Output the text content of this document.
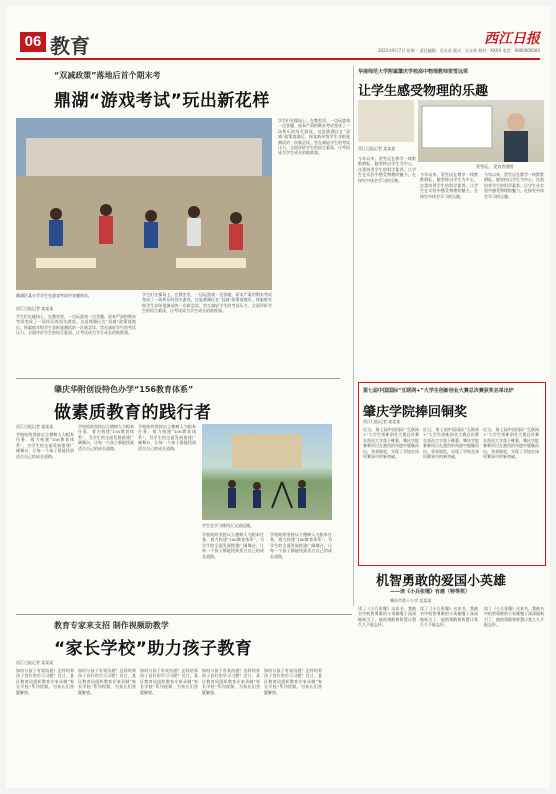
06 教育	西江日报
2022年9月7日 星期一 责任编辑：吴永英 版式：吴永英 校对：XXXX 电话：0000000000
“双减政策”落地后首个期末考
鼎湖“游戏考试”玩出新花样
鼎湖区某小学学生在游戏考试中答题闯关。
西江日报记者 某某某
学生们在操场上、在教室里，一边玩游戏一边答题，原本严肃的期末考试变成了一场快乐的闯关游戏。这是鼎湖区在“双减”政策落地后，探索低年级学生非纸笔测试的一次新尝试，旨在减轻学生的考试压力，全面评价学生的综合素质，让考试成为学生成长的助推器。
学生们在操场上、在教室里，一边玩游戏一边答题，原本严肃的期末考试变成了一场快乐的闯关游戏。这是鼎湖区在“双减”政策落地后，探索低年级学生非纸笔测试的一次新尝试，旨在减轻学生的考试压力，全面评价学生的综合素质，让考试成为学生成长的助推器。
学生们在操场上、在教室里，一边玩游戏一边答题，原本严肃的期末考试变成了一场快乐的闯关游戏。这是鼎湖区在“双减”政策落地后，探索低年级学生非纸笔测试的一次新尝试，旨在减轻学生的考试压力，全面评价学生的综合素质，让考试成为学生成长的助推器。
华南师范大学附属肇庆学校高中物理教师贺雪远荣
让学生感受物理的乐趣
西江日报记者 某某某
贺雪远。 受访者供图
今年以来，贺雪远在教学一线默默耕耘，她坚持以学生为中心，注重培养学生的科学素养，让学生在实验中感受物理的魅力，在探究中体会学习的乐趣。
今年以来，贺雪远在教学一线默默耕耘，她坚持以学生为中心，注重培养学生的科学素养，让学生在实验中感受物理的魅力，在探究中体会学习的乐趣。
今年以来，贺雪远在教学一线默默耕耘，她坚持以学生为中心，注重培养学生的科学素养，让学生在实验中感受物理的魅力，在探究中体会学习的乐趣。
肇庆华附创设特色办学“156教育体系”
做素质教育的践行者
西江日报记者 某某某
学校始终坚持以立德树人为根本任务，着力构建“156教育体系”，为学生的全面发展搭建广阔舞台，让每一个孩子都能找到适合自己的成长道路。
学校始终坚持以立德树人为根本任务，着力构建“156教育体系”，为学生的全面发展搭建广阔舞台，让每一个孩子都能找到适合自己的成长道路。
学校始终坚持以立德树人为根本任务，着力构建“156教育体系”，为学生的全面发展搭建广阔舞台，让每一个孩子都能找到适合自己的成长道路。
学生在学习使用天文望远镜。
学校始终坚持以立德树人为根本任务，着力构建“156教育体系”，为学生的全面发展搭建广阔舞台，让每一个孩子都能找到适合自己的成长道路。
学校始终坚持以立德树人为根本任务，着力构建“156教育体系”，为学生的全面发展搭建广阔舞台，让每一个孩子都能找到适合自己的成长道路。
第七届中国国际“互联网+”大学生创新创业大赛总决赛获奖名单出炉
肇庆学院捧回铜奖
西江日报记者 某某某
近日，第七届中国国际“互联网+”大学生创新创业大赛总决赛在南昌大学落下帷幕，肇庆学院参赛项目在激烈的角逐中脱颖而出，荣获铜奖，实现了学校在该项赛事中的新突破。
近日，第七届中国国际“互联网+”大学生创新创业大赛总决赛在南昌大学落下帷幕，肇庆学院参赛项目在激烈的角逐中脱颖而出，荣获铜奖，实现了学校在该项赛事中的新突破。
近日，第七届中国国际“互联网+”大学生创新创业大赛总决赛在南昌大学落下帷幕，肇庆学院参赛项目在激烈的角逐中脱颖而出，荣获铜奖，实现了学校在该项赛事中的新突破。
机智勇敢的爱国小英雄
——读《小兵张嘎》有感（特等奖）
肇庆市第十小学 某某某
读了《小兵张嘎》这本书，我被书中机智勇敢的小英雄嘎子深深地吸引了，他的勇敢和智慧让我久久不能忘怀。
读了《小兵张嘎》这本书，我被书中机智勇敢的小英雄嘎子深深地吸引了，他的勇敢和智慧让我久久不能忘怀。
读了《小兵张嘎》这本书，我被书中机智勇敢的小英雄嘎子深深地吸引了，他的勇敢和智慧让我久久不能忘怀。
教育专家来支招 制作视频助教学
“家长学校”助力孩子教育
西江日报记者 某某某
如何与孩子有效沟通？怎样培养孩子良好的学习习惯？近日，某区教育局组织教育专家录制“家长学校”系列视频，为家长们答疑解惑。
如何与孩子有效沟通？怎样培养孩子良好的学习习惯？近日，某区教育局组织教育专家录制“家长学校”系列视频，为家长们答疑解惑。
如何与孩子有效沟通？怎样培养孩子良好的学习习惯？近日，某区教育局组织教育专家录制“家长学校”系列视频，为家长们答疑解惑。
如何与孩子有效沟通？怎样培养孩子良好的学习习惯？近日，某区教育局组织教育专家录制“家长学校”系列视频，为家长们答疑解惑。
如何与孩子有效沟通？怎样培养孩子良好的学习习惯？近日，某区教育局组织教育专家录制“家长学校”系列视频，为家长们答疑解惑。
